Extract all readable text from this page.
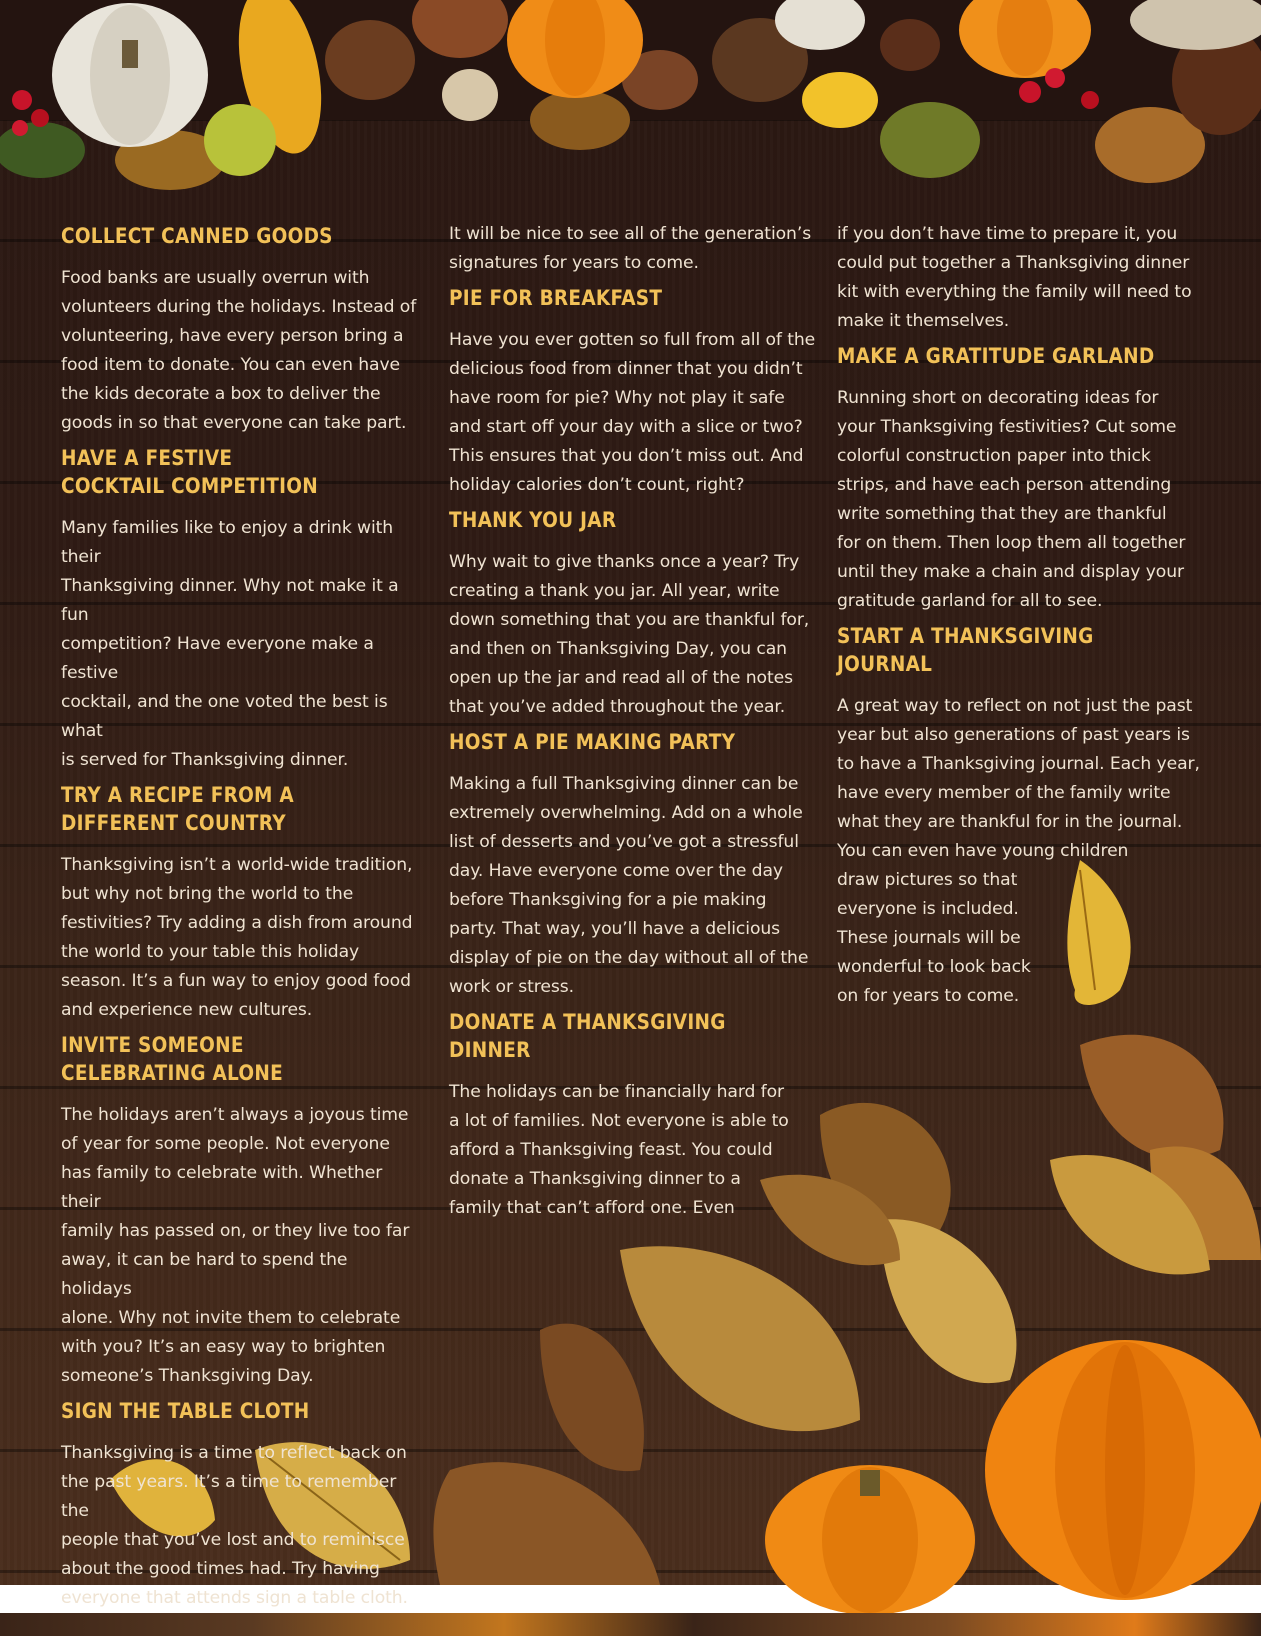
COLLECT CANNED GOODS

Food banks are usually overrun with

volunteers during the holidays. Instead of

volunteering, have every person bring a

food item to donate. You can even have

the kids decorate a box to deliver the

goods in so that everyone can take part.

HAVE A FESTIVE
COCKTAIL COMPETITION

Many families like to enjoy a drink with their

Thanksgiving dinner. Why not make it a fun

competition? Have everyone make a festive

cocktail, and the one voted the best is what

is served for Thanksgiving dinner.

TRY A RECIPE FROM A
DIFFERENT COUNTRY

Thanksgiving isn’t a world-wide tradition,

but why not bring the world to the

festivities? Try adding a dish from around

the world to your table this holiday

season. It’s a fun way to enjoy good food

and experience new cultures.

INVITE SOMEONE
CELEBRATING ALONE

The holidays aren’t always a joyous time

of year for some people. Not everyone

has family to celebrate with. Whether their

family has passed on, or they live too far

away, it can be hard to spend the holidays

alone. Why not invite them to celebrate

with you? It’s an easy way to brighten

someone’s Thanksgiving Day.

SIGN THE TABLE CLOTH

Thanksgiving is a time to reflect back on

the past years. It’s a time to remember the

people that you’ve lost and to reminisce

about the good times had. Try having

everyone that attends sign a table cloth.

It will be nice to see all of the generation’s

signatures for years to come.

PIE FOR BREAKFAST

Have you ever gotten so full from all of the

delicious food from dinner that you didn’t

have room for pie? Why not play it safe

and start off your day with a slice or two?

This ensures that you don’t miss out. And

holiday calories don’t count, right?

THANK YOU JAR

Why wait to give thanks once a year? Try

creating a thank you jar. All year, write

down something that you are thankful for,

and then on Thanksgiving Day, you can

open up the jar and read all of the notes

that you’ve added throughout the year.

HOST A PIE MAKING PARTY

Making a full Thanksgiving dinner can be

extremely overwhelming. Add on a whole

list of desserts and you’ve got a stressful

day. Have everyone come over the day

before Thanksgiving for a pie making

party. That way, you’ll have a delicious

display of pie on the day without all of the

work or stress.

DONATE A THANKSGIVING DINNER

The holidays can be financially hard for

a lot of families. Not everyone is able to

afford a Thanksgiving feast. You could

donate a Thanksgiving dinner to a

family that can’t afford one. Even

if you don’t have time to prepare it, you

could put together a Thanksgiving dinner

kit with everything the family will need to

make it themselves.

MAKE A GRATITUDE GARLAND

Running short on decorating ideas for

your Thanksgiving festivities? Cut some

colorful construction paper into thick

strips, and have each person attending

write something that they are thankful

for on them. Then loop them all together

until they make a chain and display your

gratitude garland for all to see.

START A THANKSGIVING JOURNAL

A great way to reflect on not just the past

year but also generations of past years is

to have a Thanksgiving journal. Each year,

have every member of the family write

what they are thankful for in the journal.

You can even have young children

draw pictures so that

everyone is included.

These journals will be

wonderful to look back

on for years to come.
